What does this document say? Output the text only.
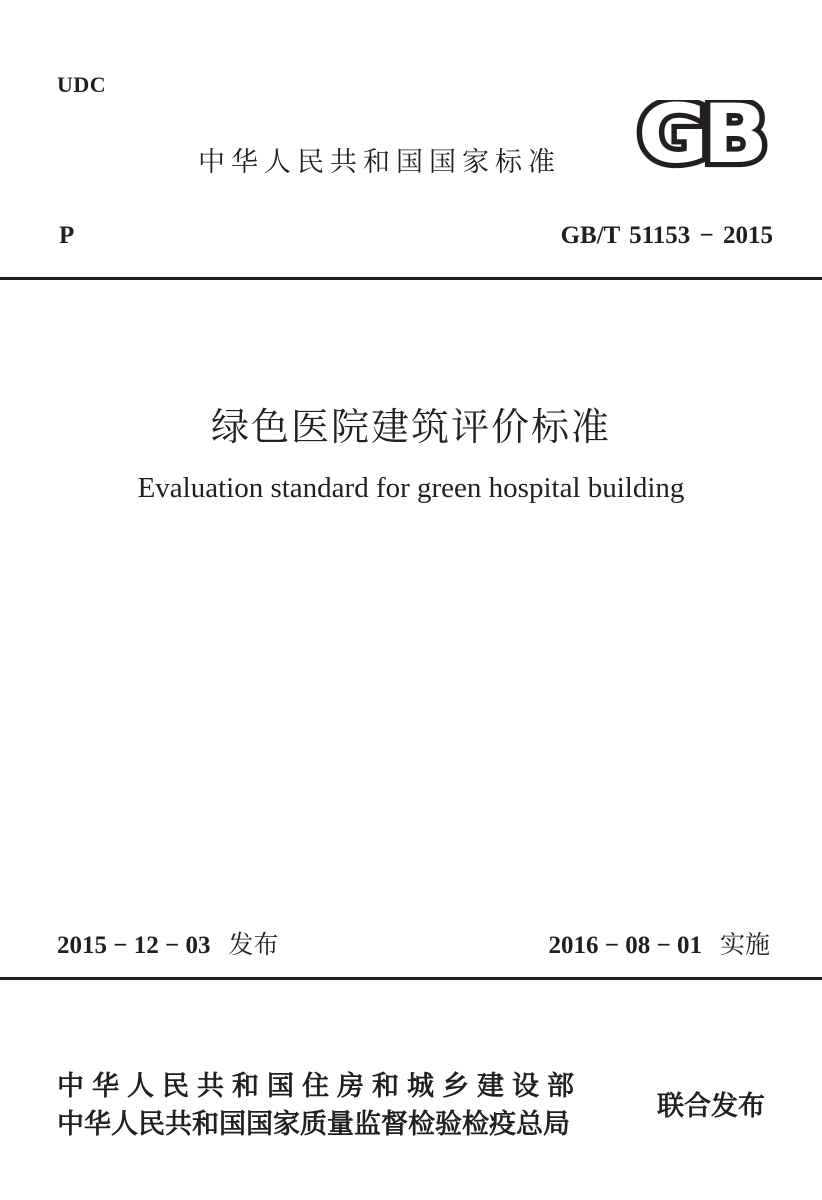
UDC
中华人民共和国国家标准 GB
P	GB/T 51153 − 2015
绿色医院建筑评价标准
Evaluation standard for green hospital building
2015 − 12 − 03 发布	2016 − 08 − 01 实施
中华人民共和国住房和城乡建设部
中华人民共和国国家质量监督检验检疫总局
联合发布
